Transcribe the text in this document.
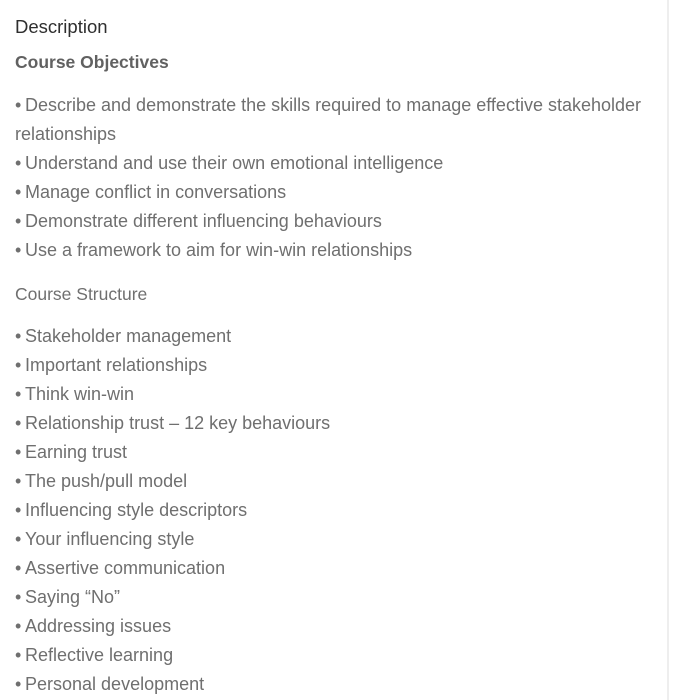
Description
Course Objectives
• Describe and demonstrate the skills required to manage effective stakeholder relationships
• Understand and use their own emotional intelligence
• Manage conflict in conversations
• Demonstrate different influencing behaviours
• Use a framework to aim for win-win relationships
Course Structure
• Stakeholder management
• Important relationships
• Think win-win
• Relationship trust – 12 key behaviours
• Earning trust
• The push/pull model
• Influencing style descriptors
• Your influencing style
• Assertive communication
• Saying “No”
• Addressing issues
• Reflective learning
• Personal development
